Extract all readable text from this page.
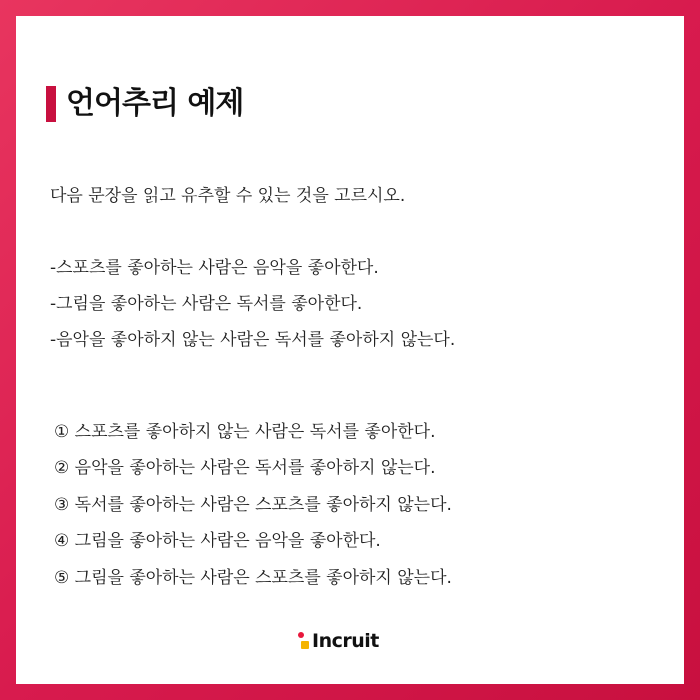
언어추리 예제
다음 문장을 읽고 유추할 수 있는 것을 고르시오.
-스포츠를 좋아하는 사람은 음악을 좋아한다.
-그림을 좋아하는 사람은 독서를 좋아한다.
-음악을 좋아하지 않는 사람은 독서를 좋아하지 않는다.
① 스포츠를 좋아하지 않는 사람은 독서를 좋아한다.
② 음악을 좋아하는 사람은 독서를 좋아하지 않는다.
③ 독서를 좋아하는 사람은 스포츠를 좋아하지 않는다.
④ 그림을 좋아하는 사람은 음악을 좋아한다.
⑤ 그림을 좋아하는 사람은 스포츠를 좋아하지 않는다.
Incruit
